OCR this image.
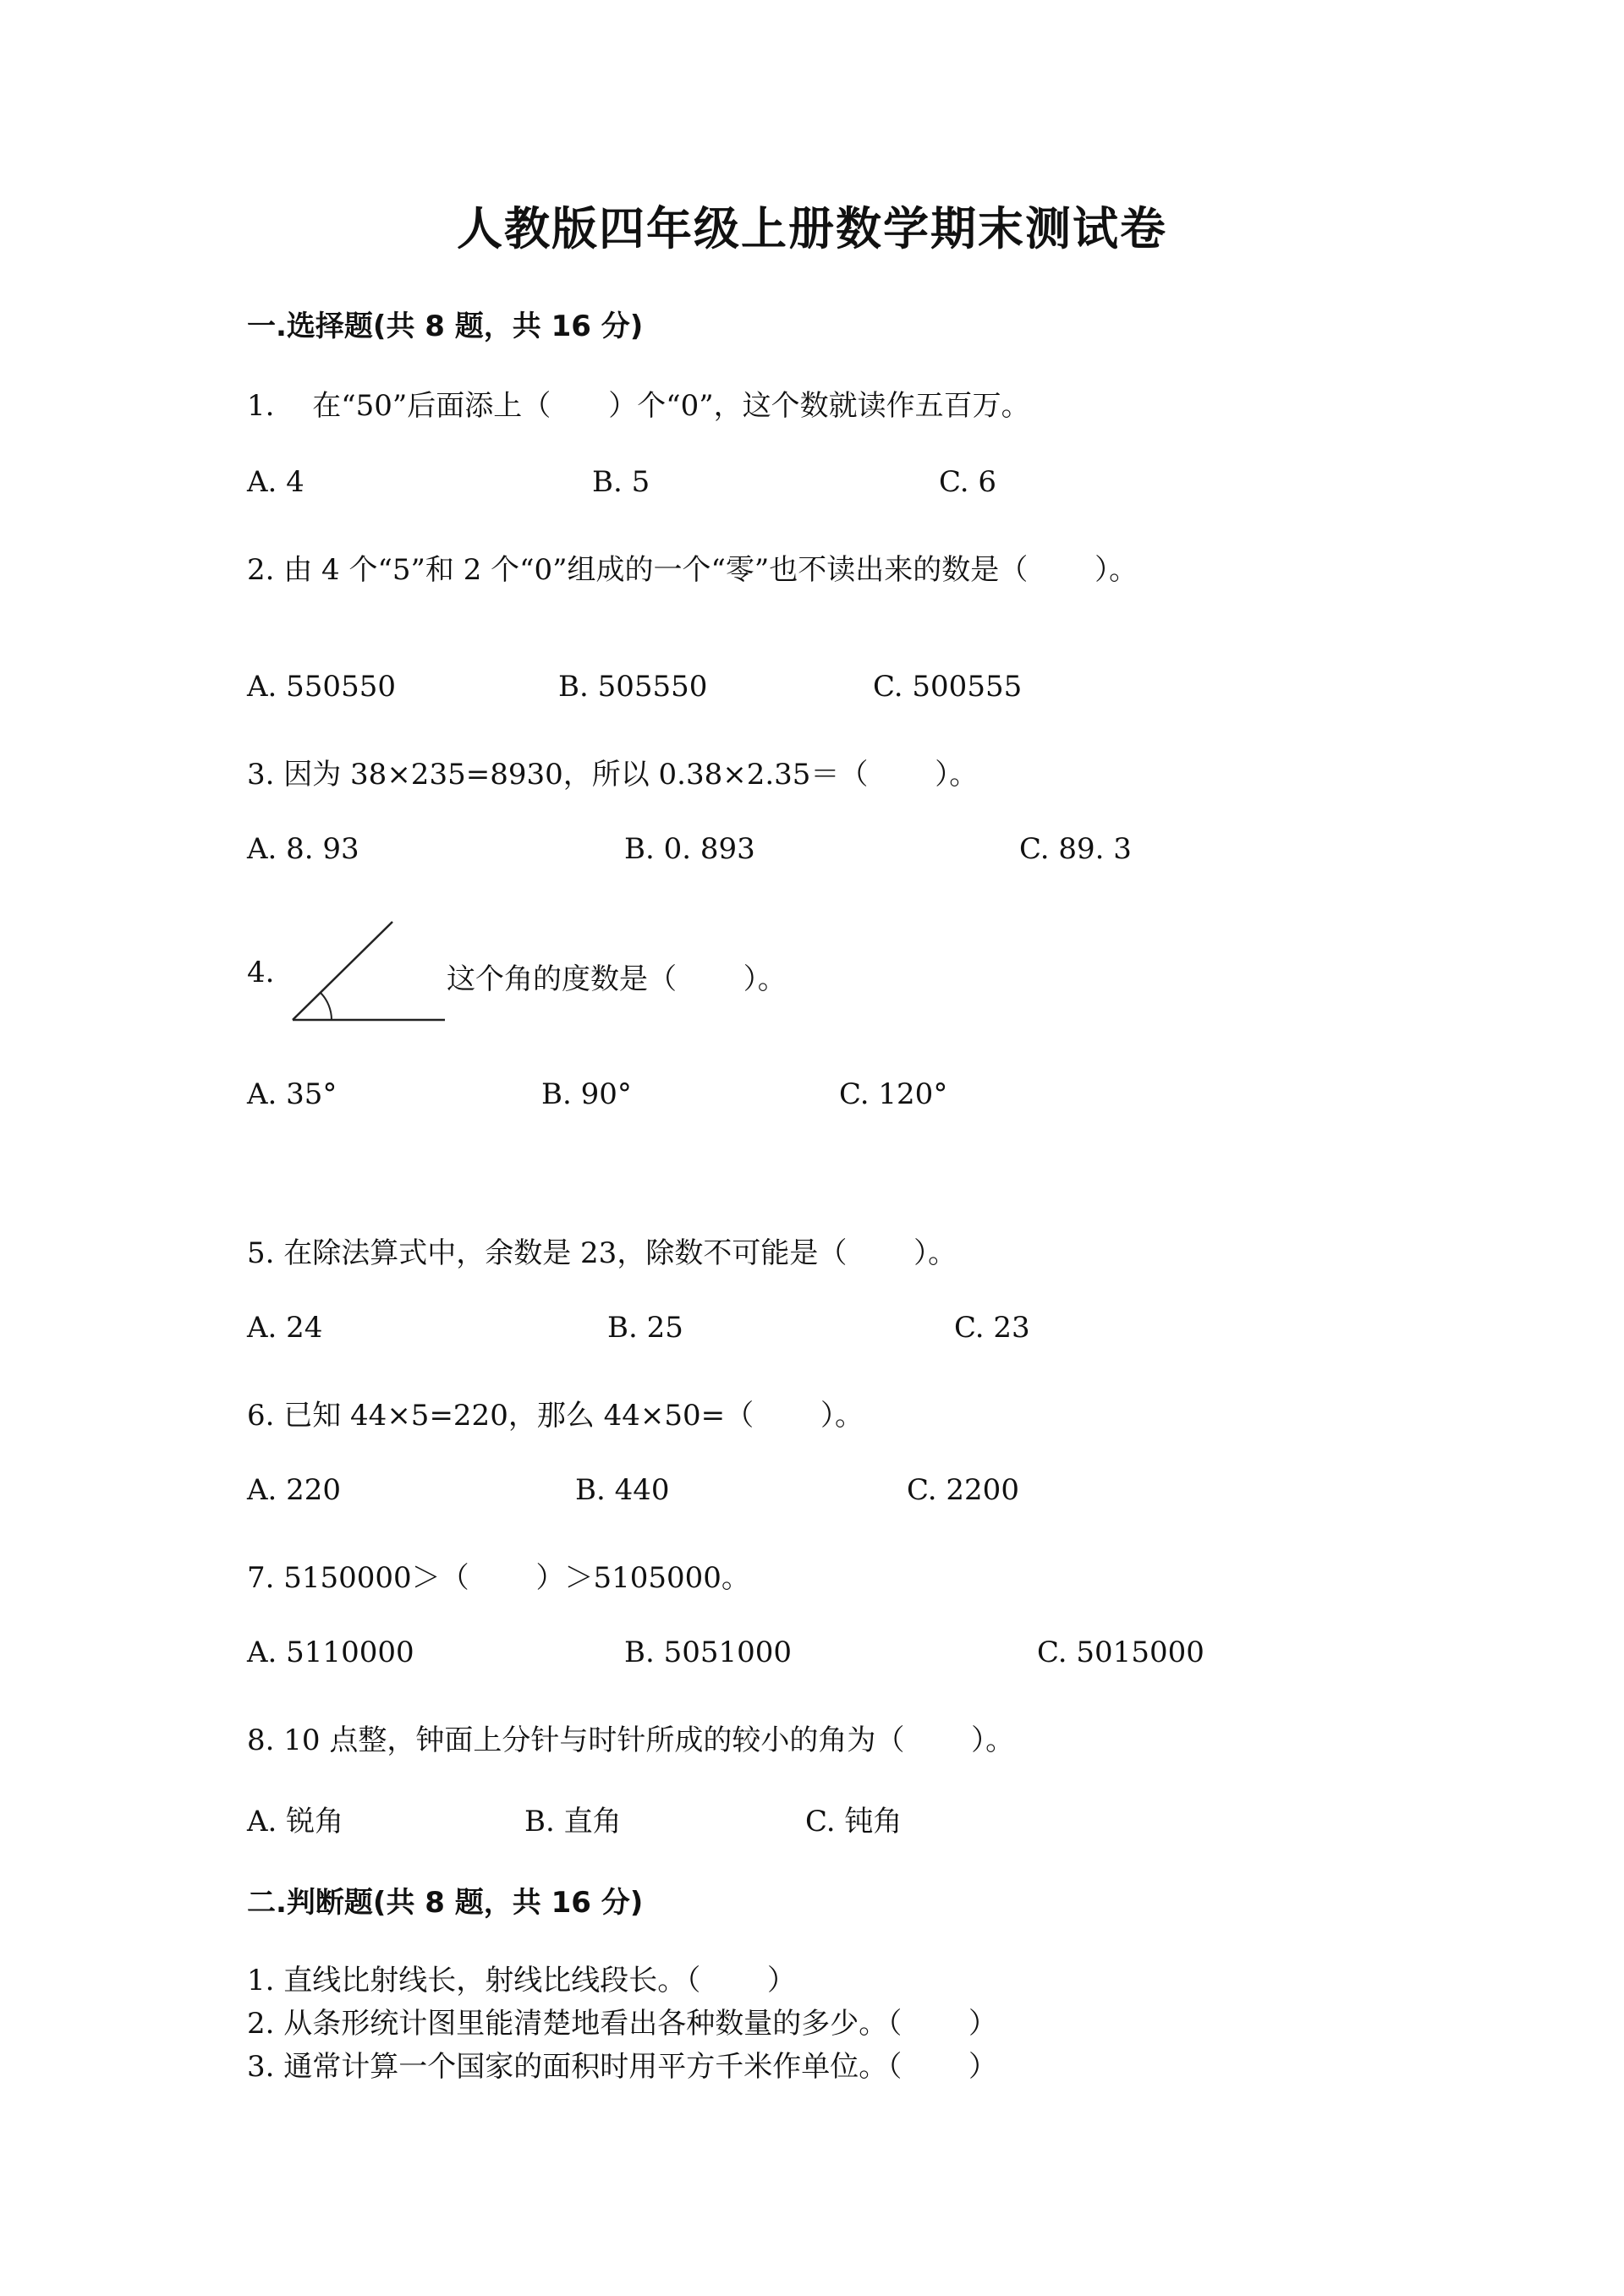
人教版四年级上册数学期末测试卷
一.选择题(共 8 题，共 16 分)
1.　 在“50”后面添上（　　）个“0”，这个数就读作五百万。
A. 4	B. 5	C. 6
2. 由 4 个“5”和 2 个“0”组成的一个“零”也不读出来的数是（　　 ）。
A. 550550	B. 505550	C. 500555
3. 因为 38×235=8930，所以 0.38×2.35＝（　　 ）。
A. 8. 93	B. 0. 893	C. 89. 3
4.	这个角的度数是（　　 ）。
A. 35°	B. 90°	C. 120°
5. 在除法算式中，余数是 23，除数不可能是（　　 ）。
A. 24	B. 25	C. 23
6. 已知 44×5=220，那么 44×50=（　　 ）。
A. 220	B. 440	C. 2200
7. 5150000＞（　　 ）＞5105000。
A. 5110000	B. 5051000	C. 5015000
8. 10 点整，钟面上分针与时针所成的较小的角为（　　 ）。
A. 锐角	B. 直角	C. 钝角
二.判断题(共 8 题，共 16 分)
1. 直线比射线长，射线比线段长。（　　 ）
2. 从条形统计图里能清楚地看出各种数量的多少。（　　 ）
3. 通常计算一个国家的面积时用平方千米作单位。（　　 ）
